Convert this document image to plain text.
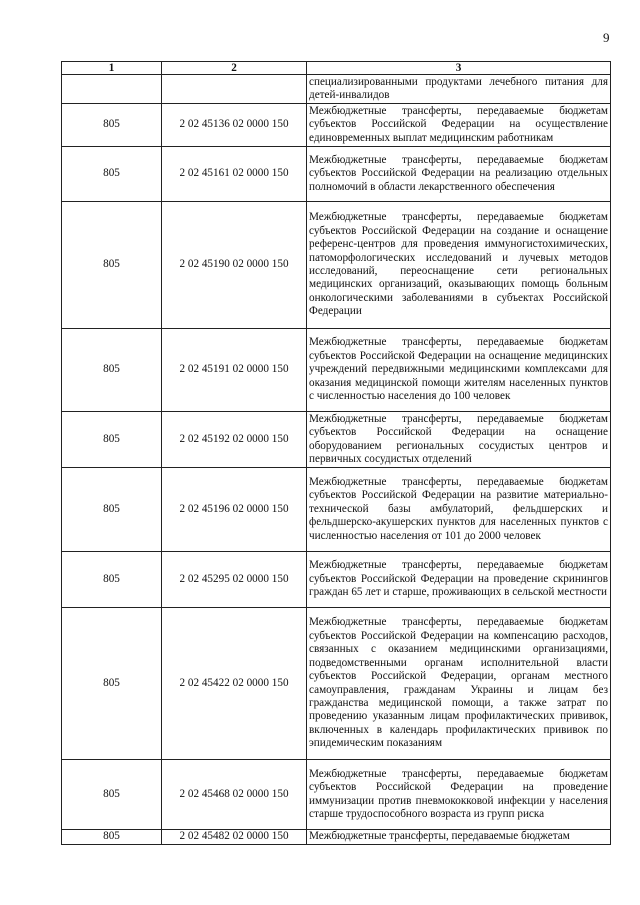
9
1	2	3
		специализированными продуктами лечебного питания для детей-инвалидов
805	2 02 45136 02 0000 150	Межбюджетные трансферты, передаваемые бюджетам субъектов Российской Федерации на осуществление единовременных выплат медицинским работникам
805	2 02 45161 02 0000 150	Межбюджетные трансферты, передаваемые бюджетам субъектов Российской Федерации на реализацию отдельных полномочий в области лекарственного обеспечения
805	2 02 45190 02 0000 150	Межбюджетные трансферты, передаваемые бюджетам субъектов Российской Федерации на создание и оснащение референс-центров для проведения иммуногистохимических, патоморфологических исследований и лучевых методов исследований, переоснащение сети региональных медицинских организаций, оказывающих помощь больным онкологическими заболеваниями в субъектах Российской Федерации
805	2 02 45191 02 0000 150	Межбюджетные трансферты, передаваемые бюджетам субъектов Российской Федерации на оснащение медицинских учреждений передвижными медицинскими комплексами для оказания медицинской помощи жителям населенных пунктов с численностью населения до 100 человек
805	2 02 45192 02 0000 150	Межбюджетные трансферты, передаваемые бюджетам субъектов Российской Федерации на оснащение оборудованием региональных сосудистых центров и первичных сосудистых отделений
805	2 02 45196 02 0000 150	Межбюджетные трансферты, передаваемые бюджетам субъектов Российской Федерации на развитие материально-технической базы амбулаторий, фельдшерских и фельдшерско-акушерских пунктов для населенных пунктов с численностью населения от 101 до 2000 человек
805	2 02 45295 02 0000 150	Межбюджетные трансферты, передаваемые бюджетам субъектов Российской Федерации на проведение скринингов граждан 65 лет и старше, проживающих в сельской местности
805	2 02 45422 02 0000 150	Межбюджетные трансферты, передаваемые бюджетам субъектов Российской Федерации на компенсацию расходов, связанных с оказанием медицинскими организациями, подведомственными органам исполнительной власти субъектов Российской Федерации, органам местного самоуправления, гражданам Украины и лицам без гражданства медицинской помощи, а также затрат по проведению указанным лицам профилактических прививок, включенных в календарь профилактических прививок по эпидемическим показаниям
805	2 02 45468 02 0000 150	Межбюджетные трансферты, передаваемые бюджетам субъектов Российской Федерации на проведение иммунизации против пневмококковой инфекции у населения старше трудоспособного возраста из групп риска
805	2 02 45482 02 0000 150	Межбюджетные трансферты, передаваемые бюджетам
